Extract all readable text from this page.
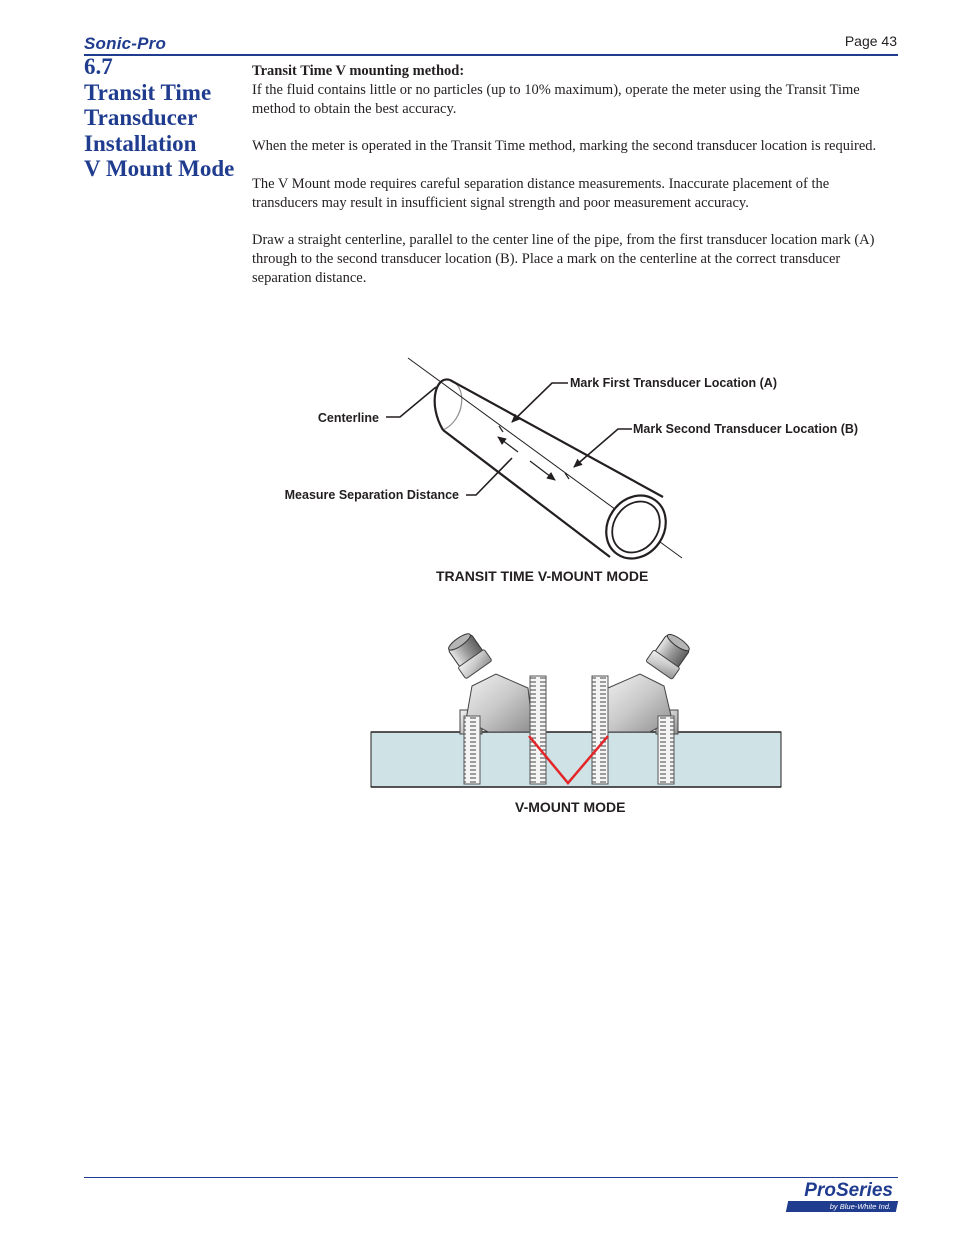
Sonic-Pro	Page 43
6.7
Transit Time
Transducer
Installation
V Mount Mode

Transit Time V mounting method:
If the fluid contains little or no particles (up to 10% maximum), operate the meter using the Transit Time method to obtain the best accuracy.

When the meter is operated in the Transit Time method, marking the second transducer location is required.

The V Mount mode requires careful separation distance measurements. Inaccurate placement of the transducers may result in insufficient signal strength and poor measurement accuracy.

Draw a straight centerline, parallel to the center line of the pipe, from the first transducer location mark (A) through to the second transducer location (B). Place a mark on the centerline at the correct transducer separation distance.

Centerline
Mark First Transducer Location (A)
Mark Second Transducer Location (B)
Measure Separation Distance
TRANSIT TIME V-MOUNT MODE
V-MOUNT MODE
ProSeries
by Blue-White Ind.
